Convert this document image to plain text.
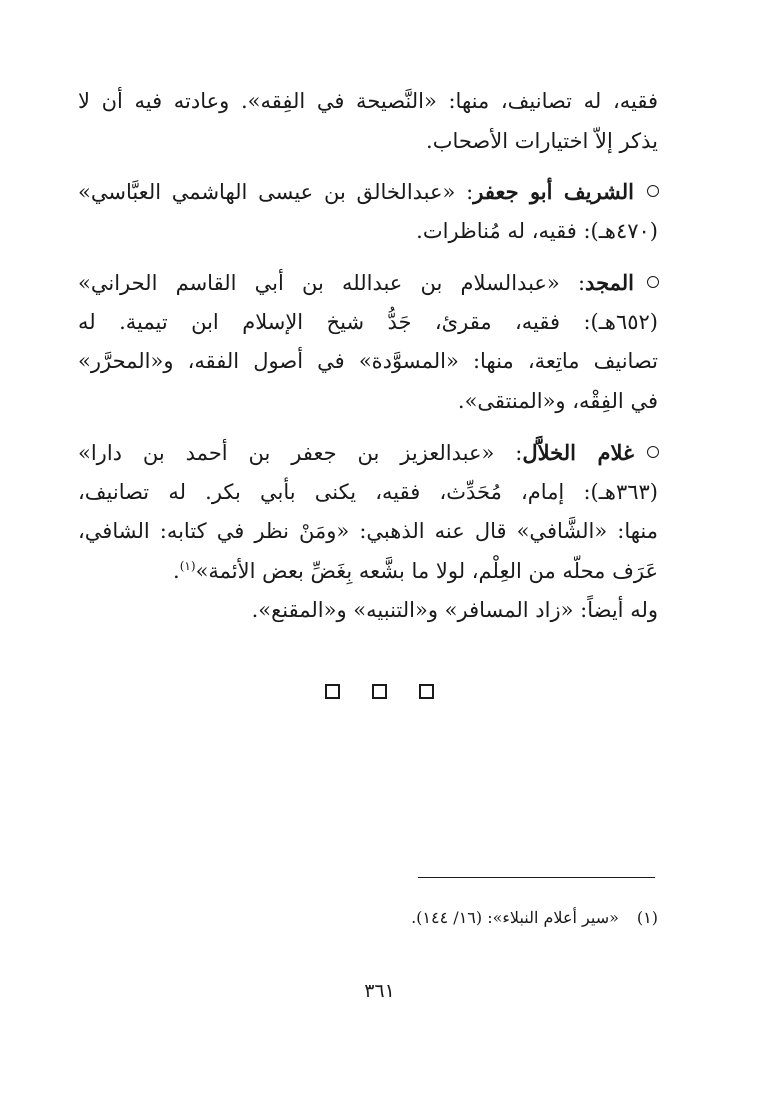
فقيه، له تصانيف، منها: «النَّصيحة في الفِقه». وعادته فيه أن لا
يذكر إلاّ اختيارات الأصحاب.
الشريف أبو جعفر: «عبدالخالق بن عيسى الهاشمي العبَّاسي»
(٤٧٠هـ): فقيه، له مُناظرات.
المجد: «عبدالسلام بن عبدالله بن أبي القاسم الحراني»
(٦٥٢هـ): فقيه، مقرئ، جَدُّ شيخ الإسلام ابن تيمية. له
تصانيف ماتِعة، منها: «المسوَّدة» في أصول الفقه، و«المحرَّر»
في الفِقْه، و«المنتقى».
غلام الخلاَّل: «عبدالعزيز بن جعفر بن أحمد بن دارا»
(٣٦٣هـ): إمام، مُحَدِّث، فقيه، يكنى بأبي بكر. له تصانيف،
منها: «الشَّافي» قال عنه الذهبي: «ومَنْ نظر في كتابه: الشافي،
عَرَف محلّه من العِلْم، لولا ما بشَّعه بِغَضِّ بعض الأئمة»$^{(١)}$.
وله أيضاً: «زاد المسافر» و«التنبيه» و«المقنع».
(١)«سير أعلام النبلاء»: (١٦/ ١٤٤).
٣٦١
